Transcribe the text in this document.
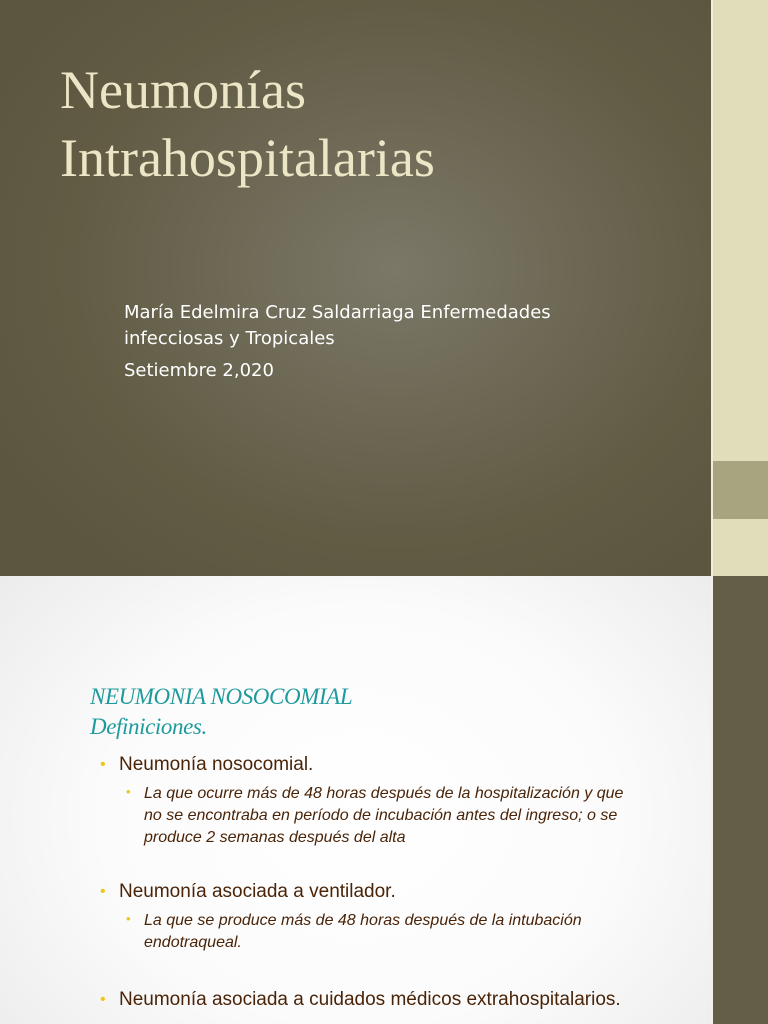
Neumonías
Intrahospitalarias
María Edelmira Cruz Saldarriaga Enfermedades
infecciosas y Tropicales
Setiembre 2,020
NEUMONIA NOSOCOMIAL
Definiciones.
• Neumonía nosocomial.
• La que ocurre más de 48 horas después de la hospitalización y que
no se encontraba en período de incubación antes del ingreso; o se
produce 2 semanas después del alta
• Neumonía asociada a ventilador.
• La que se produce más de 48 horas después de la intubación
endotraqueal.
• Neumonía asociada a cuidados médicos extrahospitalarios.
